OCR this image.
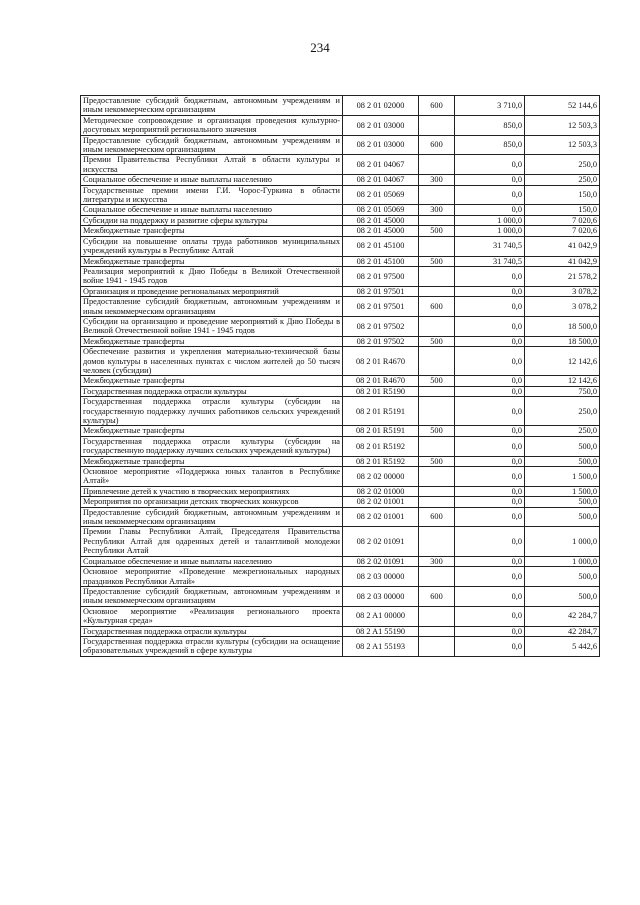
234
Предоставление субсидий бюджетным, автономным учреждениям и иным некоммерческим организациям	08 2 01 02000	600	3 710,0	52 144,6
Методическое сопровождение и организация проведения культурно-досуговых мероприятий регионального значения	08 2 01 03000		850,0	12 503,3
Предоставление субсидий бюджетным, автономным учреждениям и иным некоммерческим организациям	08 2 01 03000	600	850,0	12 503,3
Премии Правительства Республики Алтай в области культуры и искусства	08 2 01 04067		0,0	250,0
Социальное обеспечение и иные выплаты населению	08 2 01 04067	300	0,0	250,0
Государственные премии имени Г.И. Чорос-Гуркина в области литературы и искусства	08 2 01 05069		0,0	150,0
Социальное обеспечение и иные выплаты населению	08 2 01 05069	300	0,0	150,0
Субсидии на поддержку и развитие сферы культуры	08 2 01 45000		1 000,0	7 020,6
Межбюджетные трансферты	08 2 01 45000	500	1 000,0	7 020,6
Субсидии на повышение оплаты труда работников муниципальных учреждений культуры в Республике Алтай	08 2 01 45100		31 740,5	41 042,9
Межбюджетные трансферты	08 2 01 45100	500	31 740,5	41 042,9
Реализация мероприятий к Дню Победы в Великой Отечественной войне 1941 - 1945 годов	08 2 01 97500		0,0	21 578,2
Организация и проведение региональных мероприятий	08 2 01 97501		0,0	3 078,2
Предоставление субсидий бюджетным, автономным учреждениям и иным некоммерческим организациям	08 2 01 97501	600	0,0	3 078,2
Субсидии на организацию и проведение мероприятий к Дню Победы в Великой Отечественной войне 1941 - 1945 годов	08 2 01 97502		0,0	18 500,0
Межбюджетные трансферты	08 2 01 97502	500	0,0	18 500,0
Обеспечение развития и укрепления материально-технической базы домов культуры в населенных пунктах с числом жителей до 50 тысяч человек (субсидии)	08 2 01 R4670		0,0	12 142,6
Межбюджетные трансферты	08 2 01 R4670	500	0,0	12 142,6
Государственная поддержка отрасли культуры	08 2 01 R5190		0,0	750,0
Государственная поддержка отрасли культуры (субсидии на государственную поддержку лучших работников сельских учреждений культуры)	08 2 01 R5191		0,0	250,0
Межбюджетные трансферты	08 2 01 R5191	500	0,0	250,0
Государственная поддержка отрасли культуры (субсидии на государственную поддержку лучших сельских учреждений культуры)	08 2 01 R5192		0,0	500,0
Межбюджетные трансферты	08 2 01 R5192	500	0,0	500,0
Основное мероприятие «Поддержка юных талантов в Республике Алтай»	08 2 02 00000		0,0	1 500,0
Привлечение детей к участию в творческих мероприятиях	08 2 02 01000		0,0	1 500,0
Мероприятия по организации детских творческих конкурсов	08 2 02 01001		0,0	500,0
Предоставление субсидий бюджетным, автономным учреждениям и иным некоммерческим организациям	08 2 02 01001	600	0,0	500,0
Премии Главы Республики Алтай, Председателя Правительства Республики Алтай для одаренных детей и талантливой молодежи Республики Алтай	08 2 02 01091		0,0	1 000,0
Социальное обеспечение и иные выплаты населению	08 2 02 01091	300	0,0	1 000,0
Основное мероприятие «Проведение межрегиональных народных праздников Республики Алтай»	08 2 03 00000		0,0	500,0
Предоставление субсидий бюджетным, автономным учреждениям и иным некоммерческим организациям	08 2 03 00000	600	0,0	500,0
Основное мероприятие «Реализация регионального проекта «Культурная среда»	08 2 A1 00000		0,0	42 284,7
Государственная поддержка отрасли культуры	08 2 A1 55190		0,0	42 284,7
Государственная поддержка отрасли культуры (субсидии на оснащение образовательных учреждений в сфере культуры	08 2 A1 55193		0,0	5 442,6
